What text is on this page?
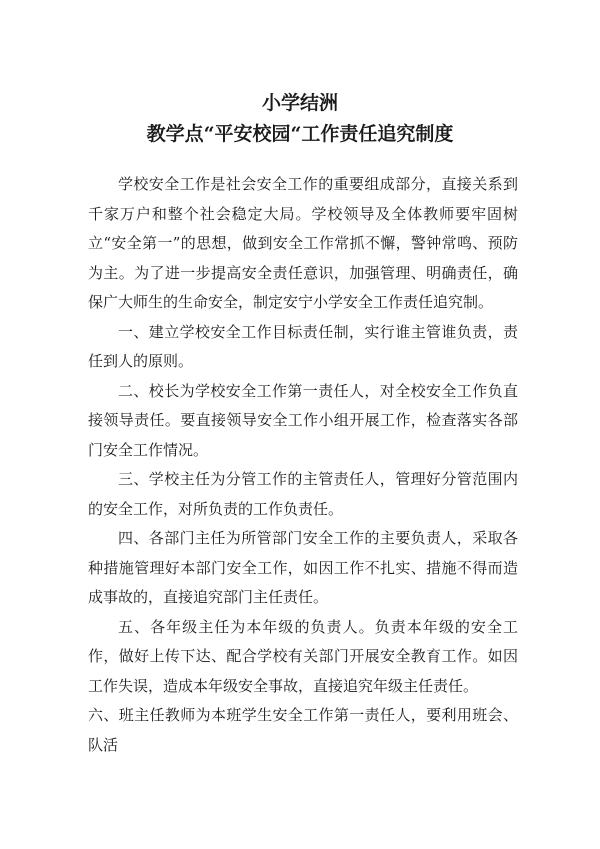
小学结洲
教学点“平安校园“工作责任追究制度

学校安全工作是社会安全工作的重要组成部分，直接关系到千家万户和整个社会稳定大局。学校领导及全体教师要牢固树立“安全第一”的思想，做到安全工作常抓不懈，警钟常鸣、预防为主。为了进一步提高安全责任意识，加强管理、明确责任，确保广大师生的生命安全，制定安宁小学安全工作责任追究制。

一、建立学校安全工作目标责任制，实行谁主管谁负责，责任到人的原则。

二、校长为学校安全工作第一责任人，对全校安全工作负直接领导责任。要直接领导安全工作小组开展工作，检查落实各部门安全工作情况。

三、学校主任为分管工作的主管责任人，管理好分管范围内的安全工作，对所负责的工作负责任。

四、各部门主任为所管部门安全工作的主要负责人，采取各种措施管理好本部门安全工作，如因工作不扎实、措施不得而造成事故的，直接追究部门主任责任。

五、各年级主任为本年级的负责人。负责本年级的安全工作，做好上传下达、配合学校有关部门开展安全教育工作。如因工作失误，造成本年级安全事故，直接追究年级主任责任。

六、班主任教师为本班学生安全工作第一责任人，要利用班会、队活
